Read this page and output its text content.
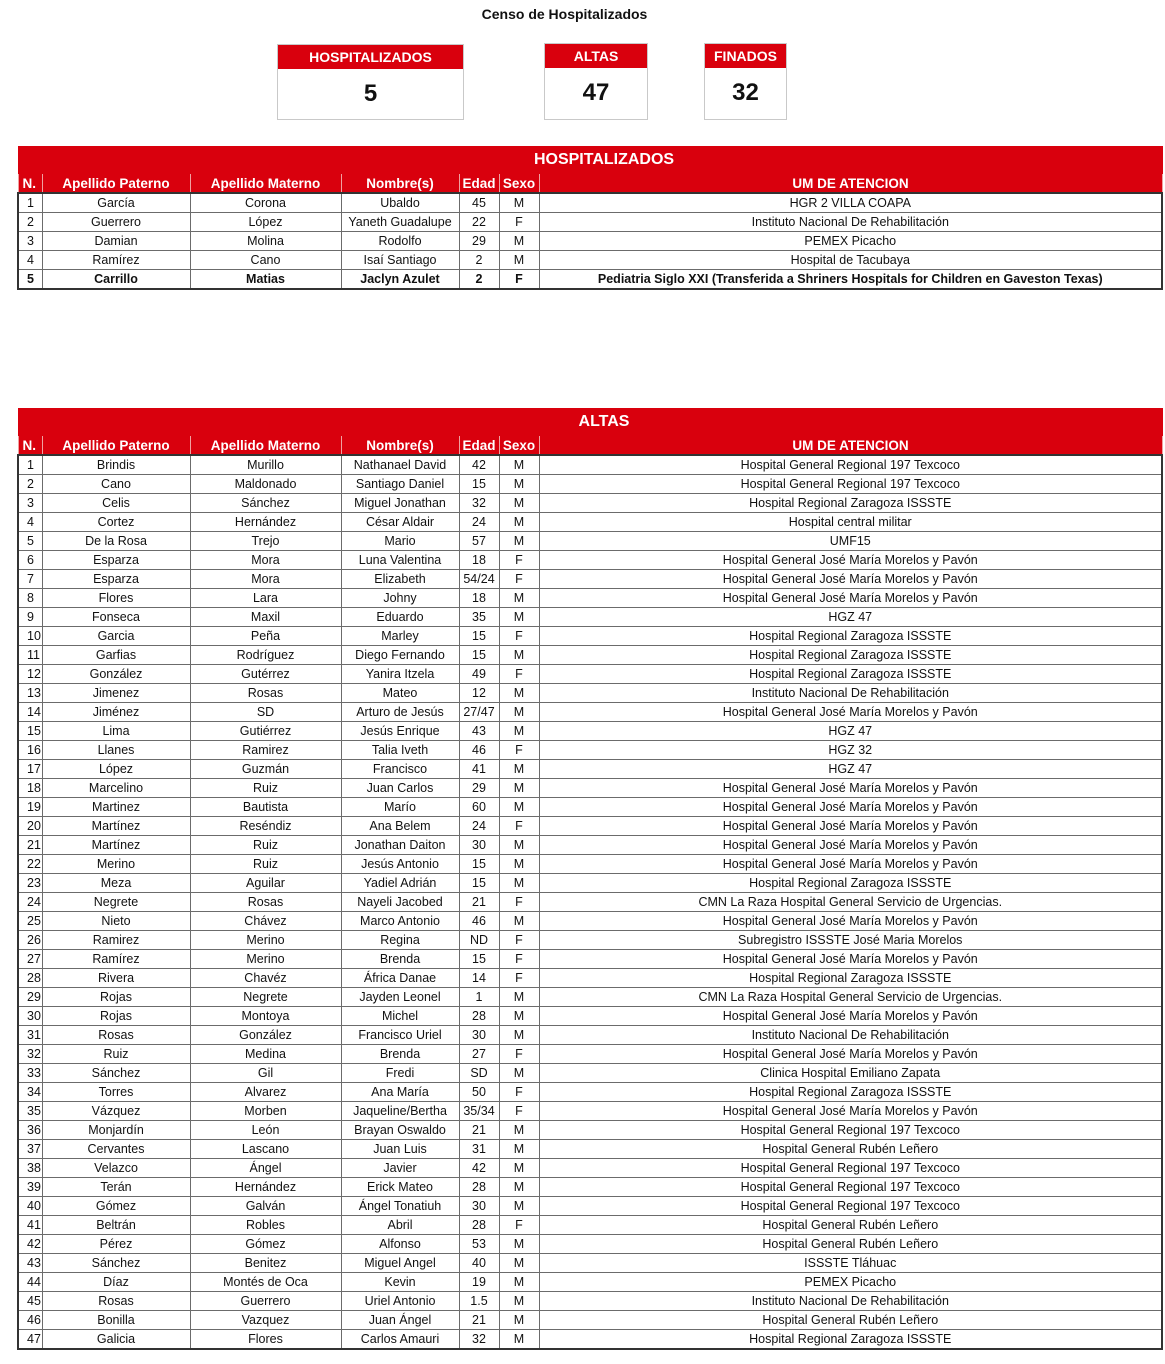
Censo de Hospitalizados
HOSPITALIZADOS
5
ALTAS
47
FINADOS
32
HOSPITALIZADOS						
N.	Apellido Paterno	Apellido Materno	Nombre(s)	Edad	Sexo	UM DE ATENCION
1	García	Corona	Ubaldo	45	M	HGR 2 VILLA COAPA
2	Guerrero	López	Yaneth Guadalupe	22	F	Instituto Nacional De Rehabilitación
3	Damian	Molina	Rodolfo	29	M	PEMEX Picacho
4	Ramírez	Cano	Isaí Santiago	2	M	Hospital de Tacubaya
5	Carrillo	Matias	Jaclyn Azulet	2	F	Pediatria Siglo XXI (Transferida a Shriners Hospitals for Children en Gaveston Texas)
ALTAS						
N.	Apellido Paterno	Apellido Materno	Nombre(s)	Edad	Sexo	UM DE ATENCION
1	Brindis	Murillo	Nathanael David	42	M	Hospital General Regional 197 Texcoco
2	Cano	Maldonado	Santiago Daniel	15	M	Hospital General Regional 197 Texcoco
3	Celis	Sánchez	Miguel Jonathan	32	M	Hospital Regional Zaragoza ISSSTE
4	Cortez	Hernández	César Aldair	24	M	Hospital central militar
5	De la Rosa	Trejo	Mario	57	M	UMF15
6	Esparza	Mora	Luna Valentina	18	F	Hospital General José María Morelos y Pavón
7	Esparza	Mora	Elizabeth	54/24	F	Hospital General José María Morelos y Pavón
8	Flores	Lara	Johny	18	M	Hospital General José María Morelos y Pavón
9	Fonseca	Maxil	Eduardo	35	M	HGZ 47
10	Garcia	Peña	Marley	15	F	Hospital Regional Zaragoza ISSSTE
11	Garfias	Rodríguez	Diego Fernando	15	M	Hospital Regional Zaragoza ISSSTE
12	González	Gutérrez	Yanira Itzela	49	F	Hospital Regional Zaragoza ISSSTE
13	Jimenez	Rosas	Mateo	12	M	Instituto Nacional De Rehabilitación
14	Jiménez	SD	Arturo de Jesús	27/47	M	Hospital General José María Morelos y Pavón
15	Lima	Gutiérrez	Jesús Enrique	43	M	HGZ 47
16	Llanes	Ramirez	Talia Iveth	46	F	HGZ 32
17	López	Guzmán	Francisco	41	M	HGZ 47
18	Marcelino	Ruiz	Juan Carlos	29	M	Hospital General José María Morelos y Pavón
19	Martinez	Bautista	Marío	60	M	Hospital General José María Morelos y Pavón
20	Martínez	Reséndiz	Ana Belem	24	F	Hospital General José María Morelos y Pavón
21	Martínez	Ruiz	Jonathan Daiton	30	M	Hospital General José María Morelos y Pavón
22	Merino	Ruiz	Jesús Antonio	15	M	Hospital General José María Morelos y Pavón
23	Meza	Aguilar	Yadiel Adrián	15	M	Hospital Regional Zaragoza ISSSTE
24	Negrete	Rosas	Nayeli Jacobed	21	F	CMN La Raza Hospital General Servicio de Urgencias.
25	Nieto	Chávez	Marco Antonio	46	M	Hospital General José María Morelos y Pavón
26	Ramirez	Merino	Regina	ND	F	Subregistro ISSSTE José Maria Morelos
27	Ramírez	Merino	Brenda	15	F	Hospital General José María Morelos y Pavón
28	Rivera	Chavéz	África Danae	14	F	Hospital Regional Zaragoza ISSSTE
29	Rojas	Negrete	Jayden Leonel	1	M	CMN La Raza Hospital General Servicio de Urgencias.
30	Rojas	Montoya	Michel	28	M	Hospital General José María Morelos y Pavón
31	Rosas	González	Francisco Uriel	30	M	Instituto Nacional De Rehabilitación
32	Ruiz	Medina	Brenda	27	F	Hospital General José María Morelos y Pavón
33	Sánchez	Gil	Fredi	SD	M	Clinica Hospital Emiliano Zapata
34	Torres	Alvarez	Ana María	50	F	Hospital Regional Zaragoza ISSSTE
35	Vázquez	Morben	Jaqueline/Bertha	35/34	F	Hospital General José María Morelos y Pavón
36	Monjardín	León	Brayan Oswaldo	21	M	Hospital General Regional 197 Texcoco
37	Cervantes	Lascano	Juan Luis	31	M	Hospital General Rubén Leñero
38	Velazco	Ángel	Javier	42	M	Hospital General Regional 197 Texcoco
39	Terán	Hernández	Erick Mateo	28	M	Hospital General Regional 197 Texcoco
40	Gómez	Galván	Ángel Tonatiuh	30	M	Hospital General Regional 197 Texcoco
41	Beltrán	Robles	Abril	28	F	Hospital General Rubén Leñero
42	Pérez	Gómez	Alfonso	53	M	Hospital General Rubén Leñero
43	Sánchez	Benitez	Miguel Angel	40	M	ISSSTE Tláhuac
44	Díaz	Montés de Oca	Kevin	19	M	PEMEX Picacho
45	Rosas	Guerrero	Uriel Antonio	1.5	M	Instituto Nacional De Rehabilitación
46	Bonilla	Vazquez	Juan Ángel	21	M	Hospital General Rubén Leñero
47	Galicia	Flores	Carlos Amauri	32	M	Hospital Regional Zaragoza ISSSTE
